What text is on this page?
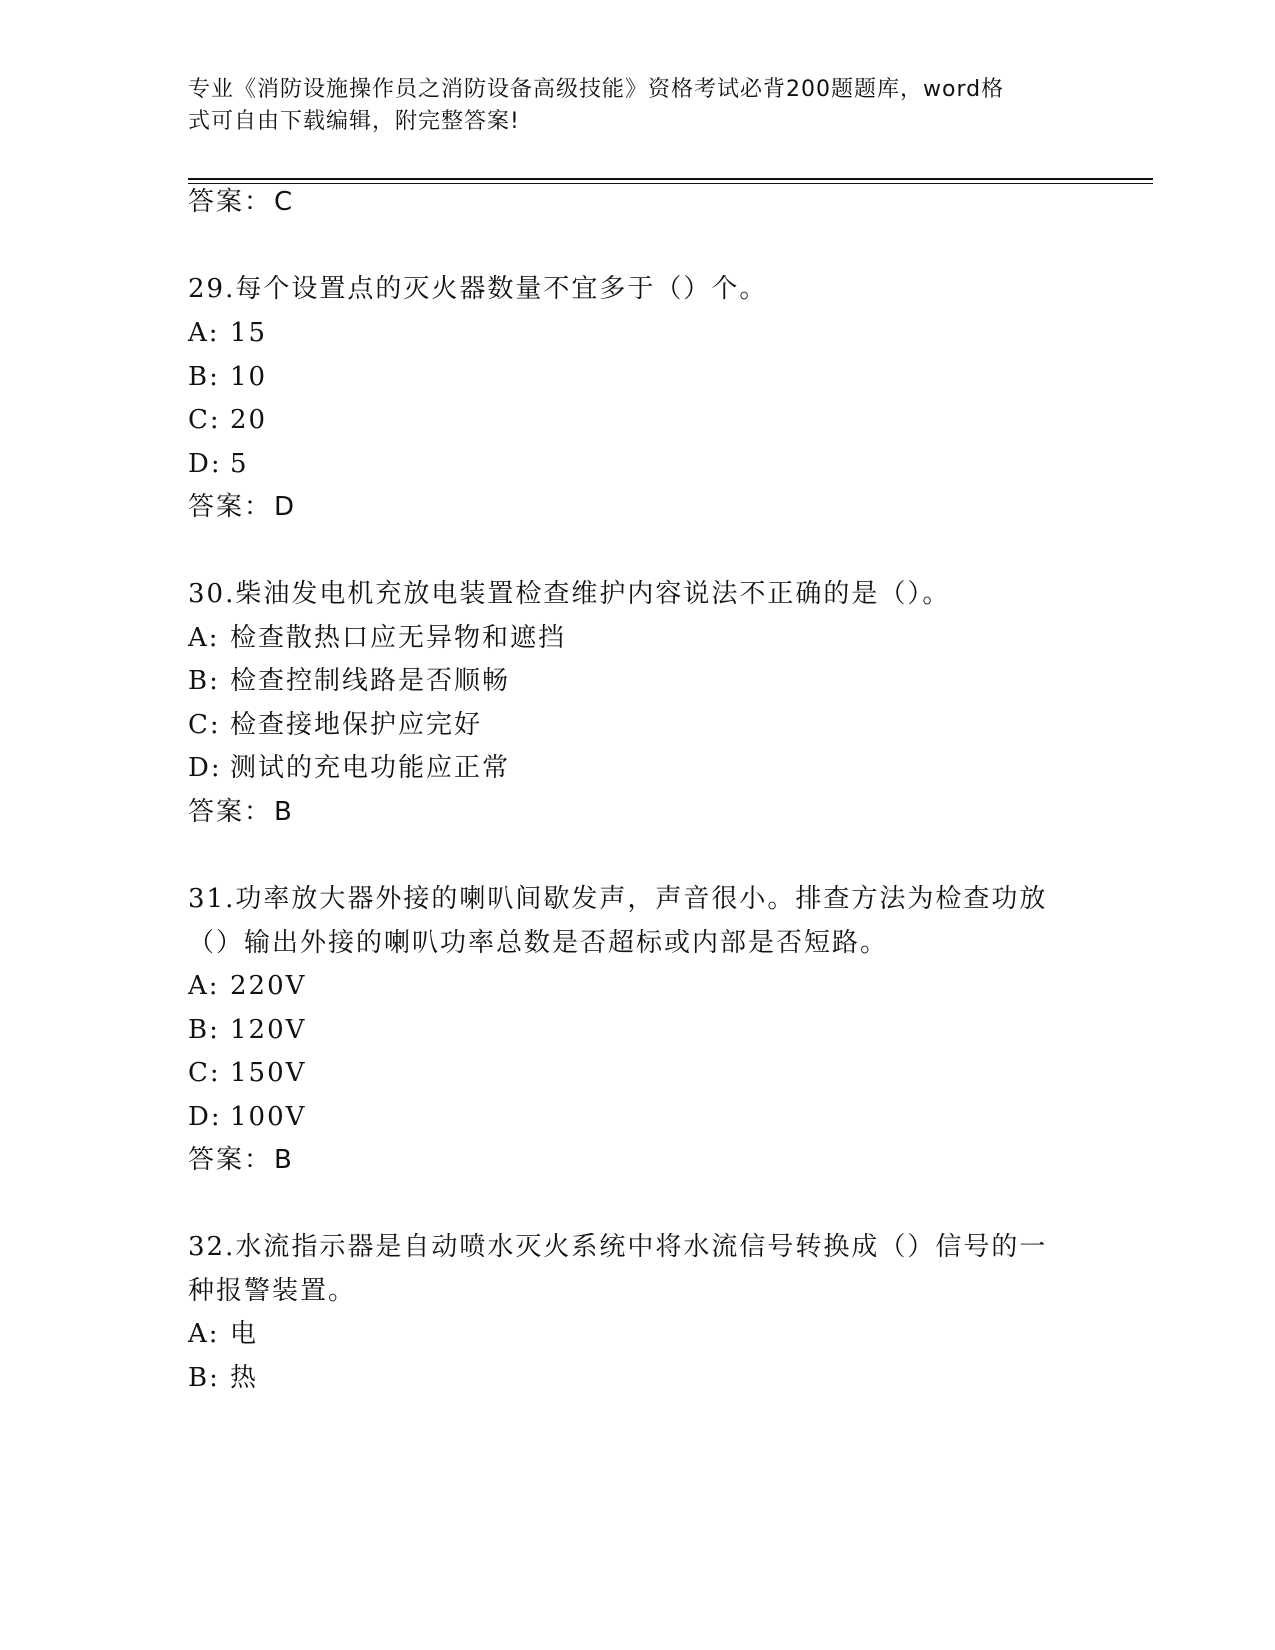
专业《消防设施操作员之消防设备高级技能》资格考试必背200题题库，word格
式可自由下载编辑，附完整答案!
答案：C
29.每个设置点的灭火器数量不宜多于（）个。
A: 15
B: 10
C: 20
D: 5
答案：D
30.柴油发电机充放电装置检查维护内容说法不正确的是（）。
A: 检查散热口应无异物和遮挡
B: 检查控制线路是否顺畅
C: 检查接地保护应完好
D: 测试的充电功能应正常
答案：B
31.功率放大器外接的喇叭间歇发声，声音很小。排查方法为检查功放
（）输出外接的喇叭功率总数是否超标或内部是否短路。
A: 220V
B: 120V
C: 150V
D: 100V
答案：B
32.水流指示器是自动喷水灭火系统中将水流信号转换成（）信号的一
种报警装置。
A: 电
B: 热
